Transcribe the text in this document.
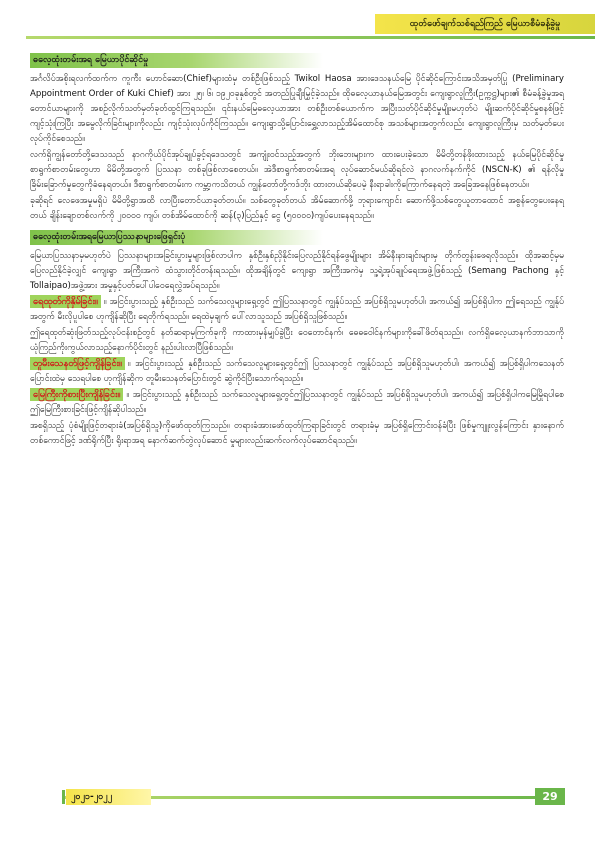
ထုတ်ဖော်ချက်သစ်ရည်ကြည် မြေယာစီမံခန့်ခွဲမှု
ဓလေ့ထုံးတမ်းအရ မြေယာပိုင်ဆိုင်မှု

အင်္ဂလိပ်အစိုးရလက်ထက်က ကူကီး ဟောင်ဆော(Chief)များထံမှ တစ်ဦးဖြစ်သည့် Twikol Haosa အားဒေသနယ်မြေ ပိုင်ဆိုင်ကြောင်းအသိအမှတ်ပြု (Preliminary Appointment Order of Kuki Chief) အား ၂၅၊ ၆၊ ၁၉၂၀ခုနှစ်တွင် အတည်ပြုချီးမြှင့်ခဲ့သည်။ ထိုဓလေ့ယာနယ်မြေအတွင်း ကျေးရွာလူကြီး(ဥက္ကဋ္ဌ)များ၏ စီမံခန့်ခွဲမှုအရ တောင်ယာများကို အစဉ်လိုက်သတ်မှတ်ခုတ်ထွင်ကြရသည်။ ၎င်းနယ်မြေဓလေ့ယာအား တစ်ဦးတစ်ယောက်က အပြီးသတ်ပိုင်ဆိုင်မှုမျိုးမဟုတ်ပဲ မျိုးဆက်ပိုင်ဆိုင်မှုစနစ်ဖြင့်ကျင့်သုံးကြပြီး အမွေလိုက်ခြင်းများကိုလည်း ကျင့်သုံးလုပ်ကိုင်ကြသည်။ ကျေးရွာသို့ပြောင်းရွှေ့လာသည့်အိမ်ထောင်စု အသစ်များအတွက်လည်း ကျေးရွာလူကြီးမှ သတ်မှတ်ပေးလုပ်ကိုင်စေသည်။

လက်ရှိကျွန်တော်တို့ဒေသသည် နာဂကိုယ်ပိုင်အုပ်ချုပ်ခွင့်ရဒေသတွင် အကျုံးဝင်သည့်အတွက် ဘိုးဘေးများက ထားပေးခဲ့သော မိမိတို့တန်ဖိုးထားသည့် နယ်မြေပိုင်ဆိုင်မှု စာရွက်စာတမ်းတွေဟာ မိမိတို့အတွက် ပြဿနာ တစ်ခုဖြစ်လာစေတယ်။ အဲဒီစာရွက်စာတမ်းအရ လုပ်ဆောင်မယ်ဆိုရင်လဲ နာဂလက်နက်ကိုင် (NSCN-K) ၏ ရန်လိုမှု ခြိမ်းခြောက်မှုတွေကိုခံနေရတယ်။ ဒီစာရွက်စာတမ်းက ကမ္ဘာ့ကသိတယ် ကျွန်တော်တို့ကဒ်ဘိုး ထားတယ်ဆိုပေမဲ့ နီးရာခါးကိုကြောက်နေရတဲ့ အခြေအနေဖြစ်နေတယ်။

ခုဆိုရင် လေဖေအမှုမရှိပဲ မိမိတို့ရွာအထိ လာပြီးတောင်ယာခုတ်တယ်။ သစ်တွေခုတ်တယ် အိမ်ဆောက်ဖို့ ဘုရားကျောင်း ဆောက်ဖို့သစ်တွေယူတာထောင် အစွန်တွေပေးနေရတယ် ချိန်းချောတစ်လက်ကို ၂၀၀၀၀ ကျပ်၊ တစ်အိမ်ထောင်ကို ဆန်(၃)ပြည်နှင့် ငွေ (၅၀၀၀၀)ကျပ်ပေးနေရသည်။

ဓလေ့ထုံးတမ်းအရမြေယာပြဿနာများဖြေရှင်းပုံ

မြေယာပြဿနာမှမဟုတ်ပဲ ပြဿနာများအခြင်းပွားမှုများဖြစ်လာပါက နှစ်ဦးနှစ်ညှိနိုင်းပြေလည်နိုင်ရန်ဖွေမျိုးများ အိမ်နီးနားချင်းများမှ တိုက်တွန်းဖေရလိုသည်။ ထိုအဆင့်မှမပြေလည်နိုင်ခဲ့လျှင် ကျေးရွာ အကြီးအကဲ ထံသွားတိုင်တန်းရသည်။ ထိုအချိန်တွင် ကျေးရွာ အကြီးအကဲမှ သူ့ရဲ့အုပ်ချုပ်ရေးအဖွဲ့ဖြစ်သည့် (Semang Pachong နှင့် Tollaipao)အဖွဲ့အား အမှုနှင့်ပတ်ပေါ်ပါ၀ေရေလွှဲအပ်ရသည်။

ရေထုတ်ကိုနှိမ်ခြင်း။ ။ အငြင်းပွားသည့် နှစ်ဦးသည် သက်သေလူများရှေ့တွင် ဤပြဿနာတွင် ကျွန်ုပ်သည် အပြစ်ရှိသူမဟုတ်ပါ၊ အကယ်၍ အပြစ်ရှိပါက ဤရေသည် ကျွန်ုပ်အတွက် မီးလိုပူပါစေ ဟုကျိန်ဆိုပြီး ရေတိုက်ရသည်။ ရေထဲမှချက် ပေါ်လာသူသည် အပြစ်ရှိသူဖြစ်သည်။

ဤရေထုတ်ဆုံးဖြတ်သည့်လုပ်ငန်းစဉ်တွင် နတ်ဆရာမှကြက်ခုကို ကာထားမှန်မျှပ်ခွဲပြီး ဝေတောင်နက်၊ ဓေဓဝေါင်နက်များကိုခေါ်ဖိတ်ရသည်။ လက်ရှိဓလေ့ယာနက်ဘာသာကို ယုံကြည်ကိုးကွယ်လာသည့်နောက်ပိုင်းတွင် နည်းပါးလာပြီဖြစ်သည်။

တူမီးသေနတ်ဖြင့်ကျိန်ခြင်း။ ။ အငြင်းပွားသည့် နှစ်ဦးသည် သက်သေလူများရှေ့တွင်ဤ ပြဿနာတွင် ကျွန်ုပ်သည် အပြစ်ရှိသူမဟုတ်ပါ၊ အကယ်၍ အပြစ်ရှိပါကသေနတ်ပြောင်းထဲမှ သေရပါစေ ဟုကျိန်ဆိုက တူမီးသေနတ်ပြောင်းတွင် ဆွဲကိုင်ပြီးသောက်ရသည်။

မြေကြီးကိုစားပြီးကျိန်ခြင်း။ ။ အငြင်းပွားသည့် နှစ်ဦးသည် သက်သေလူများရှေ့တွင်ဤပြဿနာတွင် ကျွန်ုပ်သည် အပြစ်ရှိသူမဟုတ်ပါ၊ အကယ်၍ အပြစ်ရှိပါကမြေမြိုရပါစေ ဤမြေကြီးစားခြင်းဖြင့်ကျိန်ဆိုပါသည်။

အစရှိသည့် ပုံစံမျိုးဖြင့်တရားခံ(အပြစ်ရှိသူ)ကိုဖော်ထုတ်ကြသည်။ တရားခံအားဖော်ထုတ်ကြရာခြင်းတွင် တရားခံမှ အပြစ်ရှိကြောင်းဝန်ခံပြီး ဖြစ်မှုကျူးလွန်ကြောင်း နှားနောက်တစ်ကောင်ဖြင့် ဒဏ်ရိုက်ပြီး ရိုးရာအရ နောက်ဆက်တွဲလုပ်ဆောင် မှုများလည်းဆက်လက်လုပ်ဆောင်ရသည်။

၂၀၂၁-၂၀၂၂	29
